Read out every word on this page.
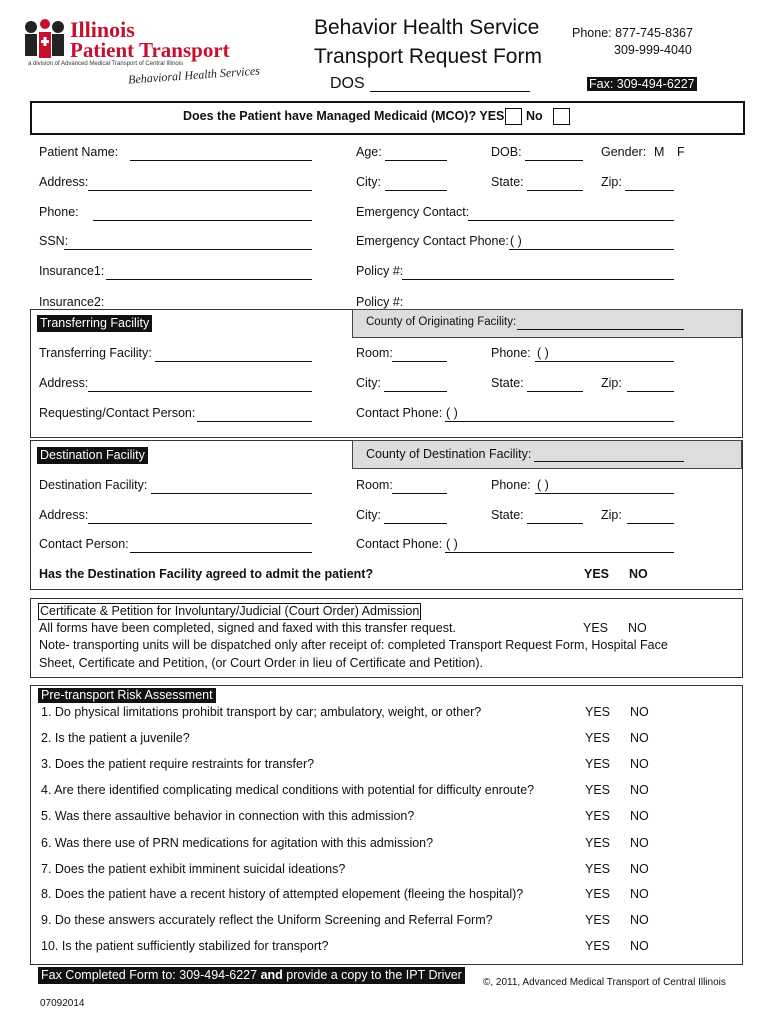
Illinois
Patient Transport
a division of Advanced Medical Transport of Central Illinois
Behavioral Health Services
Behavior Health Service
Transport Request Form
DOS
Phone: 877-745-8367
309-999-4040
Fax: 309-494-6227
Does the Patient have Managed Medicaid (MCO)? YES No
Patient Name:	Age:	DOB:	Gender: M F
Address:	City:	State:	Zip:
Phone:	Emergency Contact:
SSN:	Emergency Contact Phone: ( )
Insurance1:	Policy #:
Insurance2:	Policy #:
Transferring Facility	County of Originating Facility:
Transferring Facility:	Room:	Phone: ( )
Address:	City:	State:	Zip:
Requesting/Contact Person:	Contact Phone: ( )
Destination Facility	County of Destination Facility:
Destination Facility:	Room:	Phone: ( )
Address:	City:	State:	Zip:
Contact Person:	Contact Phone: ( )
Has the Destination Facility agreed to admit the patient?	YES NO
Certificate & Petition for Involuntary/Judicial (Court Order) Admission
All forms have been completed, signed and faxed with this transfer request.	YES NO
Note- transporting units will be dispatched only after receipt of: completed Transport Request Form, Hospital Face
Sheet, Certificate and Petition, (or Court Order in lieu of Certificate and Petition).
Pre-transport Risk Assessment
1. Do physical limitations prohibit transport by car; ambulatory, weight, or other?	YES NO
2. Is the patient a juvenile?	YES NO
3. Does the patient require restraints for transfer?	YES NO
4. Are there identified complicating medical conditions with potential for difficulty enroute?	YES NO
5. Was there assaultive behavior in connection with this admission?	YES NO
6. Was there use of PRN medications for agitation with this admission?	YES NO
7. Does the patient exhibit imminent suicidal ideations?	YES NO
8. Does the patient have a recent history of attempted elopement (fleeing the hospital)?	YES NO
9. Do these answers accurately reflect the Uniform Screening and Referral Form?	YES NO
10. Is the patient sufficiently stabilized for transport?	YES NO
Fax Completed Form to: 309-494-6227 and provide a copy to the IPT Driver
©, 2011, Advanced Medical Transport of Central Illinois
07092014
